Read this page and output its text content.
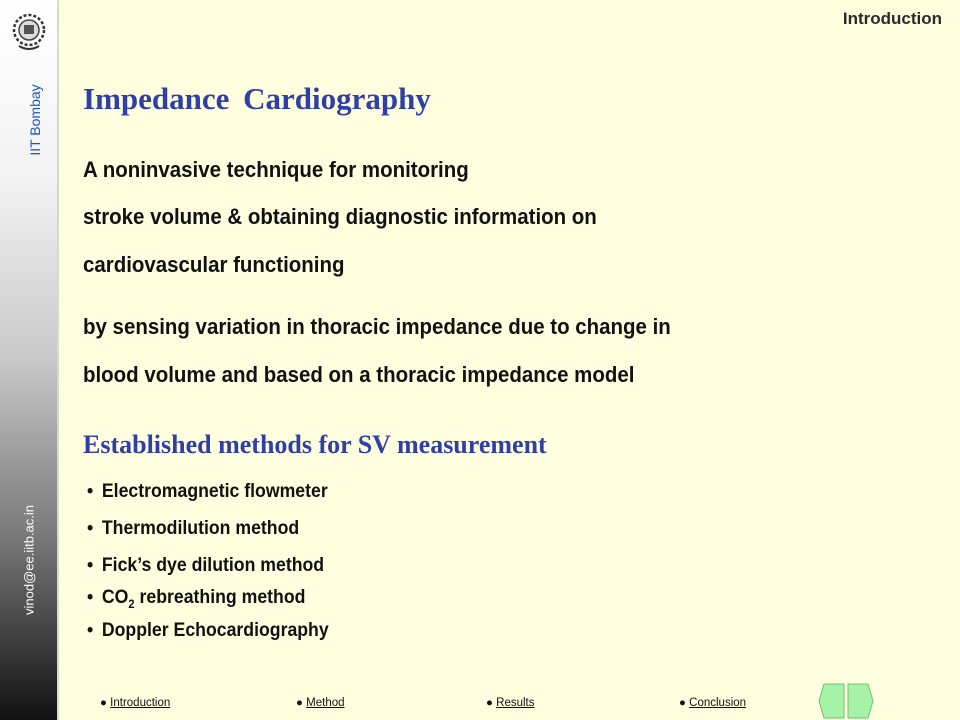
IIT Bombay
vinod@ee.iitb.ac.in
Introduction
Impedance Cardiography
A noninvasive technique for monitoring
stroke volume & obtaining diagnostic information on
cardiovascular functioning
by sensing variation in thoracic impedance due to change in
blood volume and based on a thoracic impedance model
Established methods for SV measurement
• Electromagnetic flowmeter
• Thermodilution method
• Fick’s dye dilution method
• $CO_2$ rebreathing method
• Doppler Echocardiography
● Introduction	● Method	● Results	● Conclusion
